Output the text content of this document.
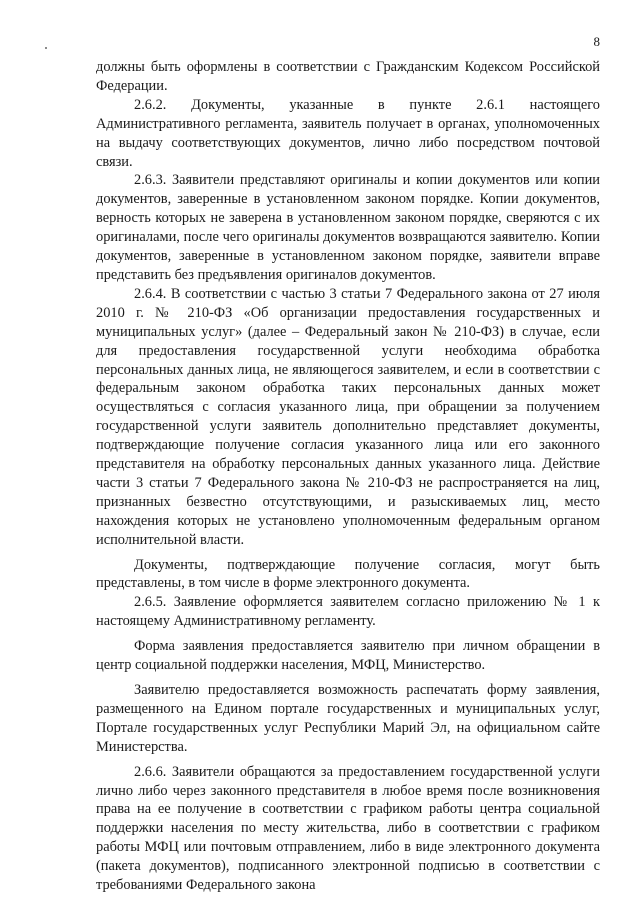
8

должны быть оформлены в соответствии с Гражданским Кодексом Российской Федерации.

2.6.2. Документы, указанные в пункте 2.6.1 настоящего Административного регламента, заявитель получает в органах, уполномоченных на выдачу соответствующих документов, лично либо посредством почтовой связи.

2.6.3. Заявители представляют оригиналы и копии документов или копии документов, заверенные в установленном законом порядке. Копии документов, верность которых не заверена в установленном законом порядке, сверяются с их оригиналами, после чего оригиналы документов возвращаются заявителю. Копии документов, заверенные в установленном законом порядке, заявители вправе представить без предъявления оригиналов документов.

2.6.4. В соответствии с частью 3 статьи 7 Федерального закона от 27 июля 2010 г. № 210-ФЗ «Об организации предоставления государственных и муниципальных услуг» (далее – Федеральный закон № 210-ФЗ) в случае, если для предоставления государственной услуги необходима обработка персональных данных лица, не являющегося заявителем, и если в соответствии с федеральным законом обработка таких персональных данных может осуществляться с согласия указанного лица, при обращении за получением государственной услуги заявитель дополнительно представляет документы, подтверждающие получение согласия указанного лица или его законного представителя на обработку персональных данных указанного лица. Действие части 3 статьи 7 Федерального закона № 210-ФЗ не распространяется на лиц, признанных безвестно отсутствующими, и разыскиваемых лиц, место нахождения которых не установлено уполномоченным федеральным органом исполнительной власти.

Документы, подтверждающие получение согласия, могут быть представлены, в том числе в форме электронного документа.

2.6.5. Заявление оформляется заявителем согласно приложению № 1 к настоящему Административному регламенту.

Форма заявления предоставляется заявителю при личном обращении в центр социальной поддержки населения, МФЦ, Министерство.

Заявителю предоставляется возможность распечатать форму заявления, размещенного на Едином портале государственных и муниципальных услуг, Портале государственных услуг Республики Марий Эл, на официальном сайте Министерства.

2.6.6. Заявители обращаются за предоставлением государственной услуги лично либо через законного представителя в любое время после возникновения права на ее получение в соответствии с графиком работы центра социальной поддержки населения по месту жительства, либо в соответствии с графиком работы МФЦ или почтовым отправлением, либо в виде электронного документа (пакета документов), подписанного электронной подписью в соответствии с требованиями Федерального закона
